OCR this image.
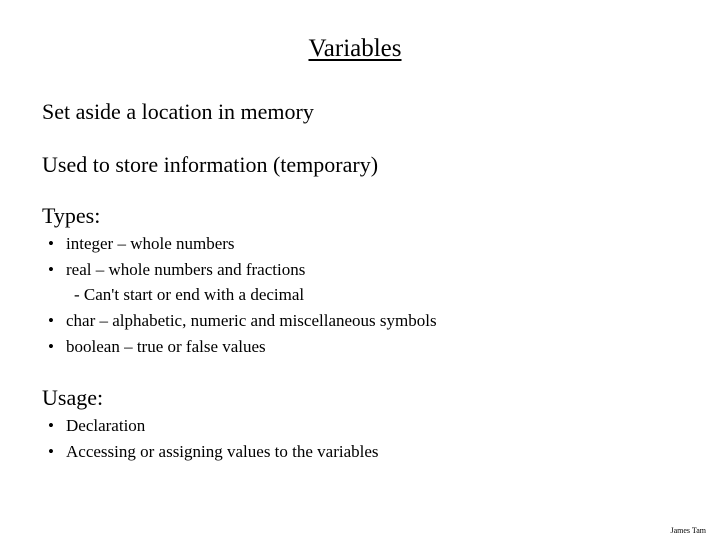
Variables
Set aside a location in memory
Used to store information (temporary)
Types:
• integer – whole numbers
• real – whole numbers and fractions
- Can't start or end with a decimal
• char – alphabetic, numeric and miscellaneous symbols
• boolean – true or false values
Usage:
• Declaration
• Accessing or assigning values to the variables
James Tam
